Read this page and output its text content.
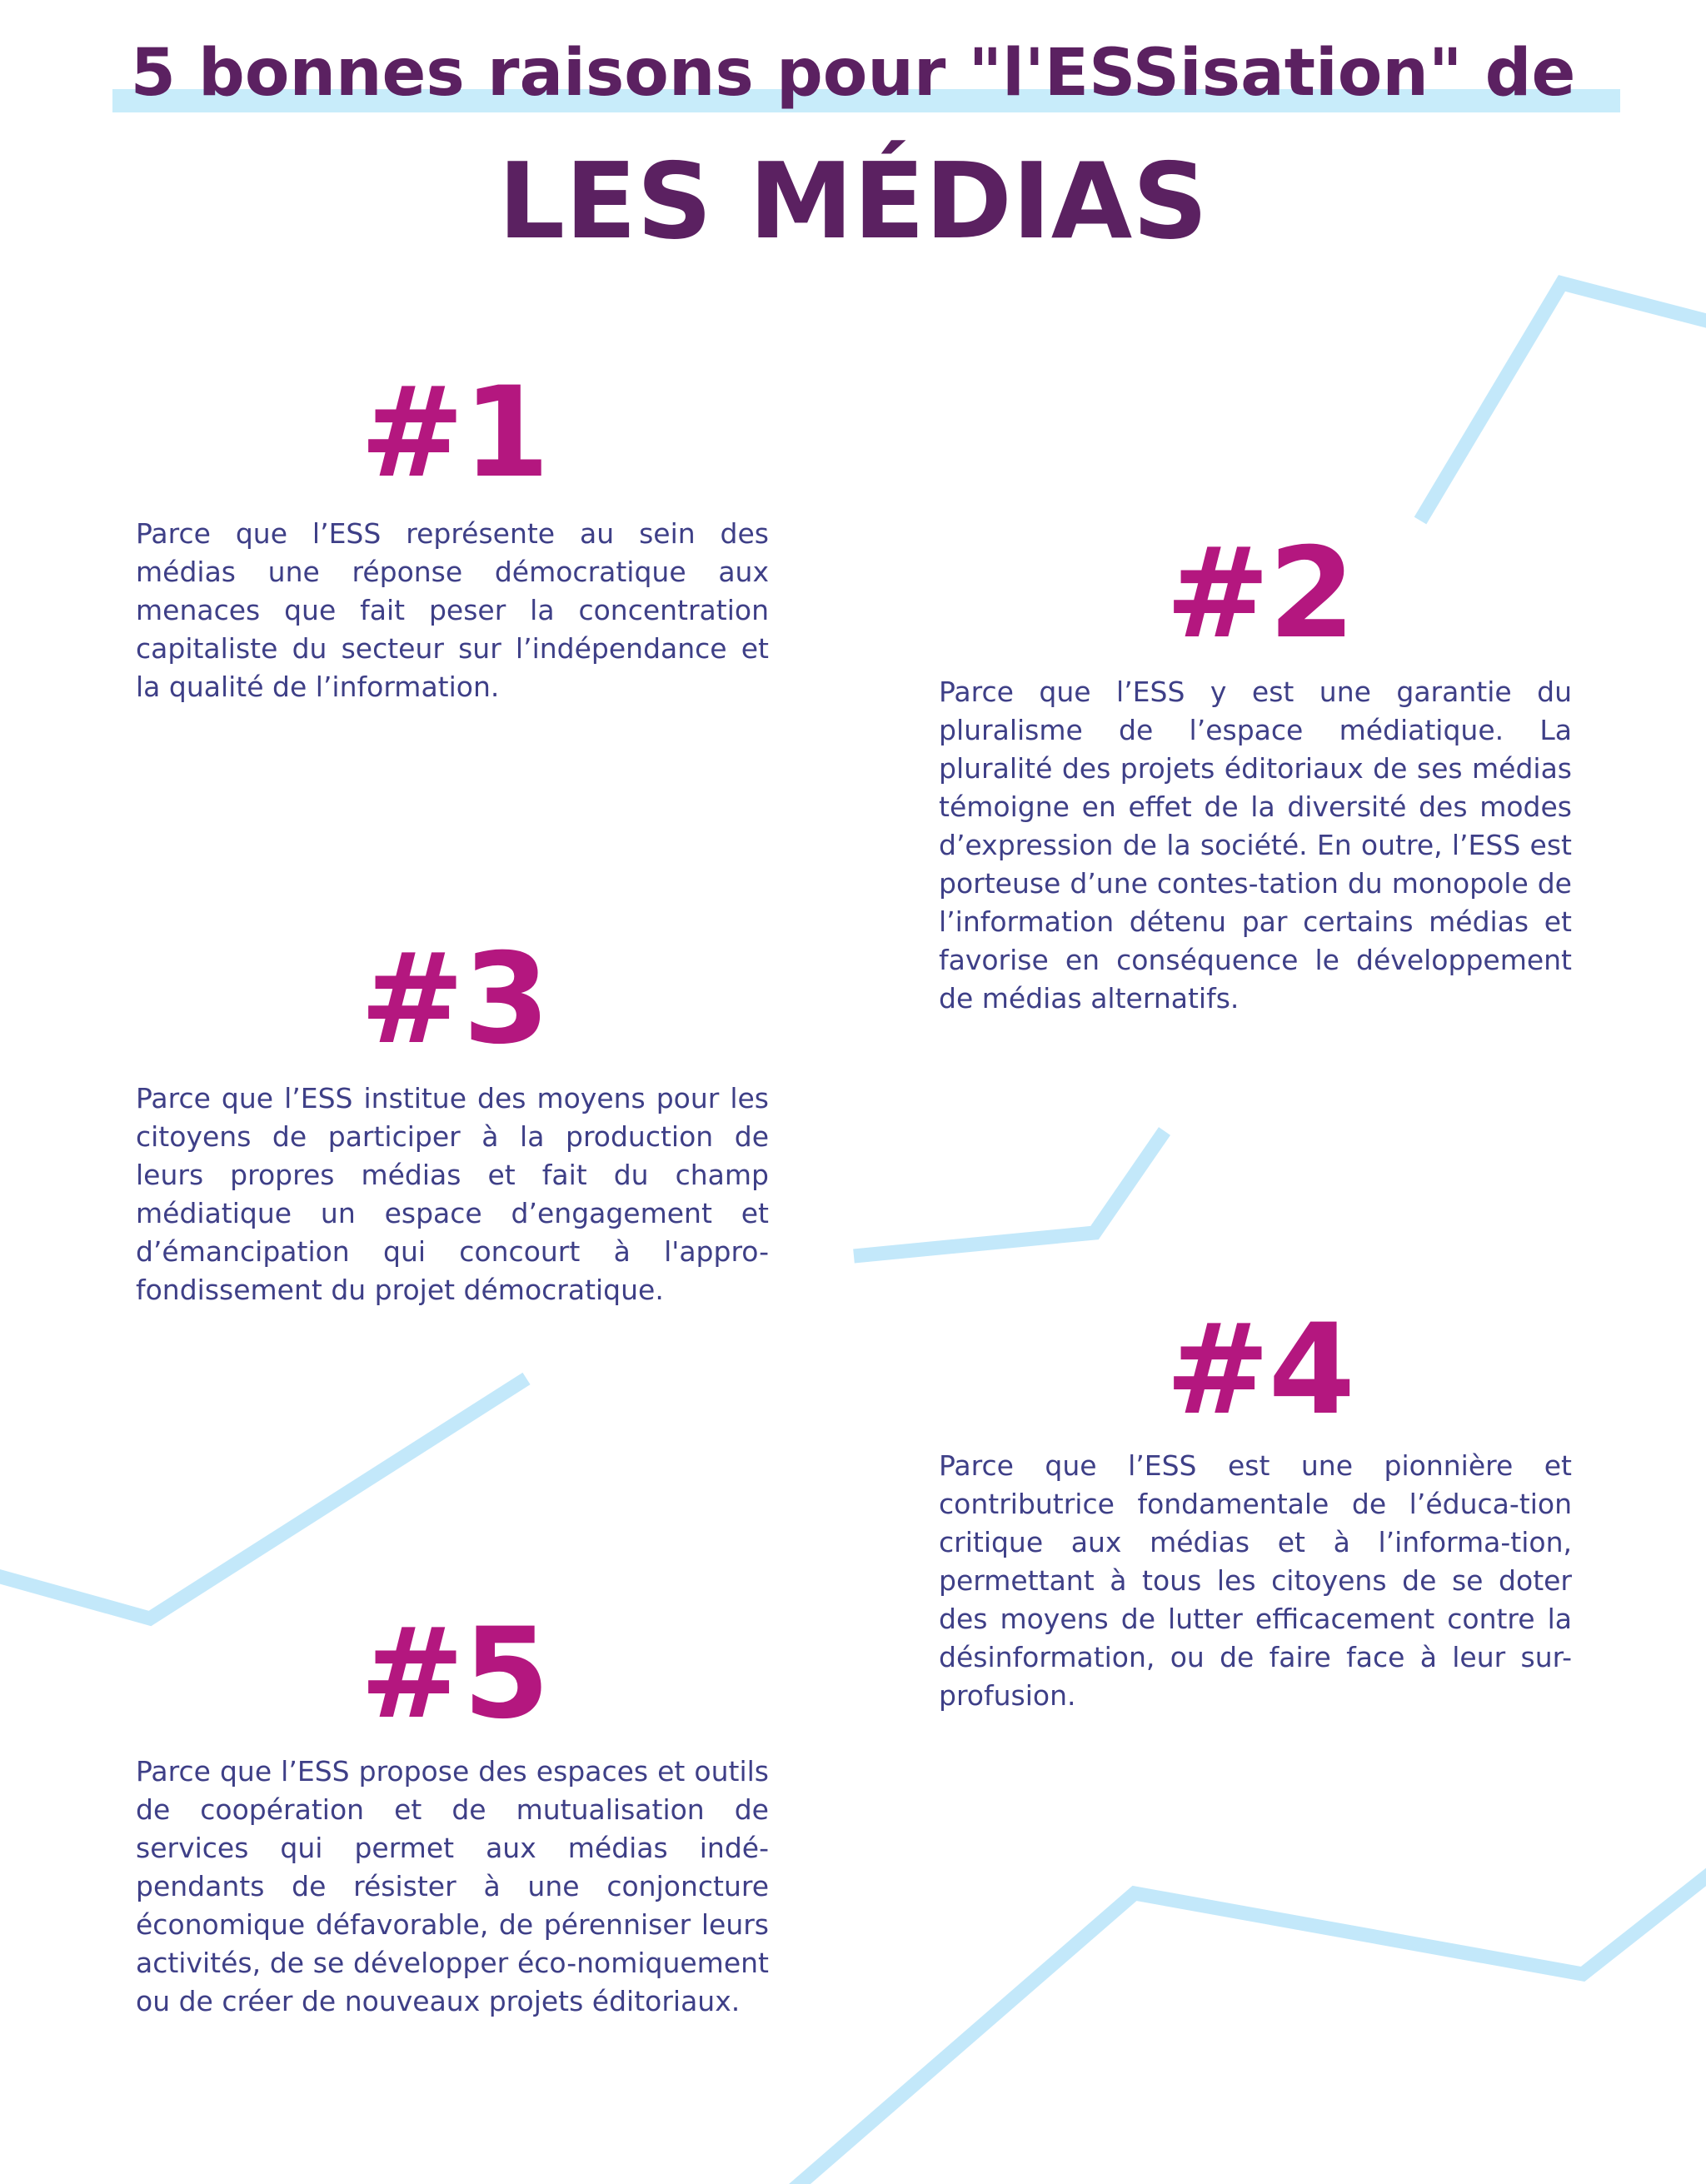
5 bonnes raisons pour "l'ESSisation" de
LES MÉDIAS
#1

Parce que l’ESS représente au sein des médias une réponse démocratique aux menaces que fait peser la concentration capitaliste du secteur sur l’indépendance et la qualité de l’information.

#2

Parce que l’ESS y est une garantie du pluralisme de l’espace médiatique. La pluralité des projets éditoriaux de ses médias témoigne en effet de la diversité des modes d’expression de la société. En outre, l’ESS est porteuse d’une contes-tation du monopole de l’information détenu par certains médias et favorise en conséquence le développement de médias alternatifs.

#3

Parce que l’ESS institue des moyens pour les citoyens de participer à la production de leurs propres médias et fait du champ médiatique un espace d’engagement et d’émancipation qui concourt à l'appro-fondissement du projet démocratique.

#4

Parce que l’ESS est une pionnière et contributrice fondamentale de l’éduca-tion critique aux médias et à l’informa-tion, permettant à tous les citoyens de se doter des moyens de lutter efficacement contre la désinformation, ou de faire face à leur sur-profusion.

#5

Parce que l’ESS propose des espaces et outils de coopération et de mutualisation de services qui permet aux médias indé-pendants de résister à une conjoncture économique défavorable, de pérenniser leurs activités, de se développer éco-nomiquement ou de créer de nouveaux projets éditoriaux.
